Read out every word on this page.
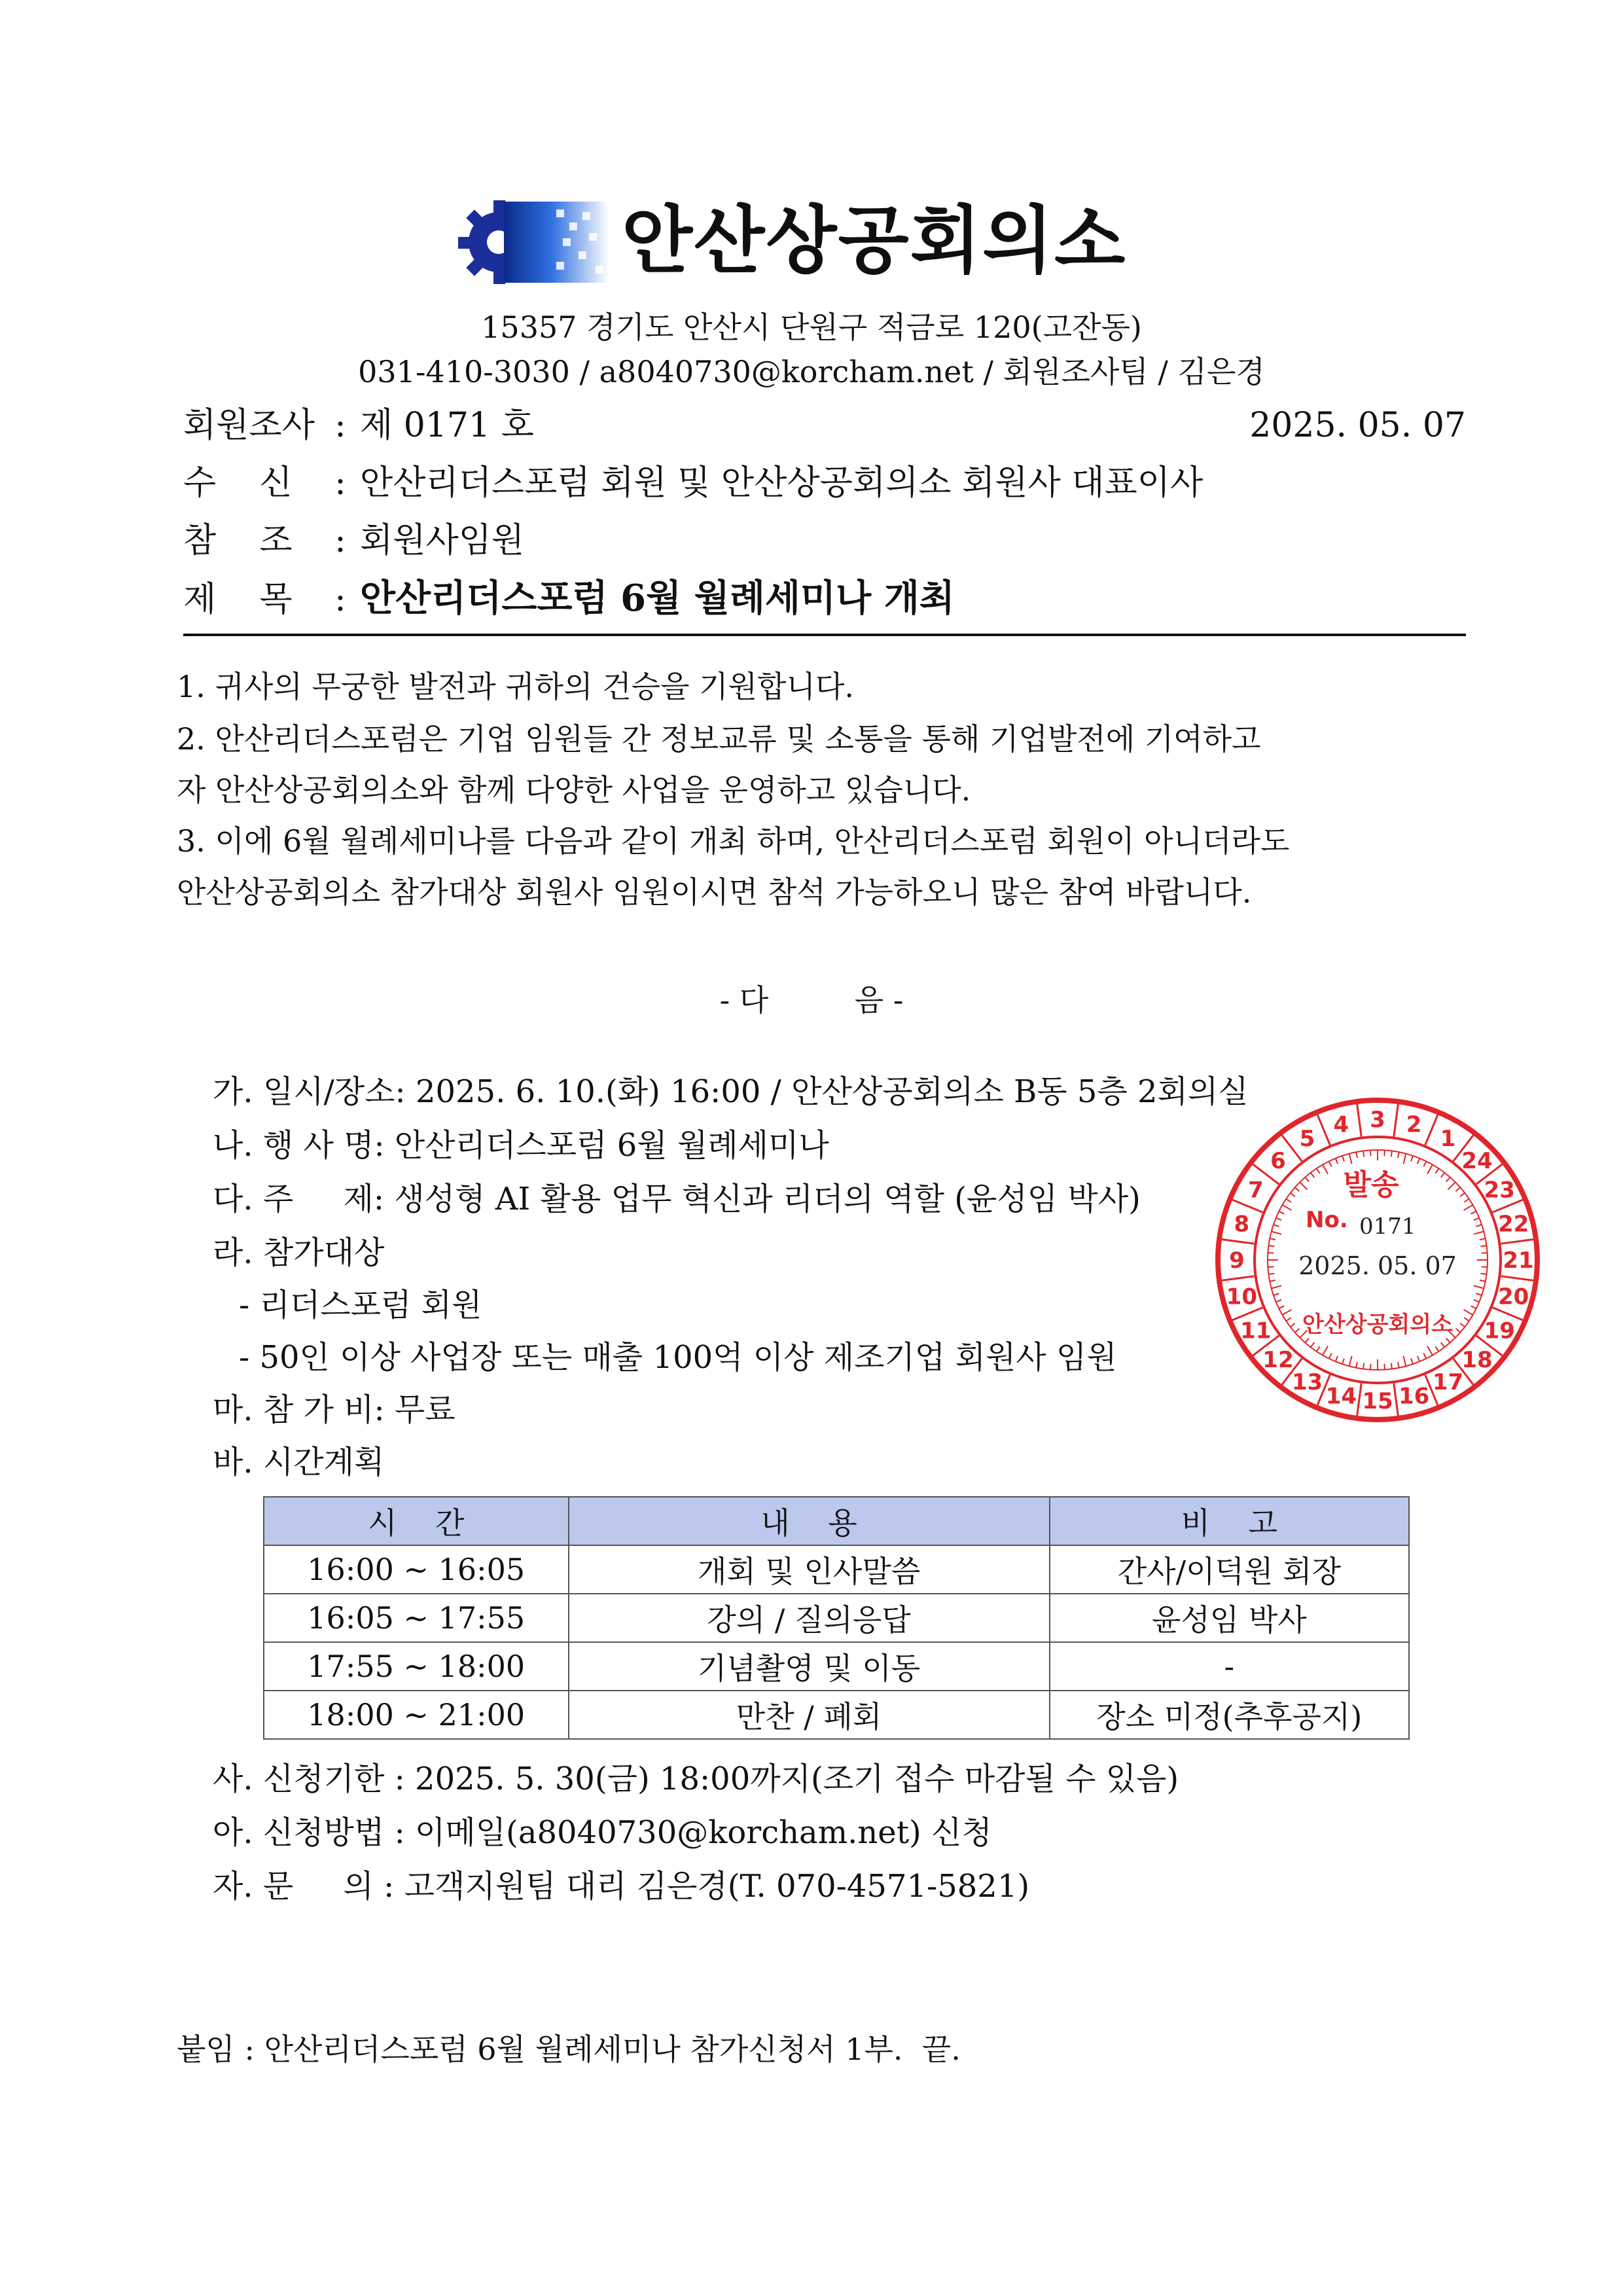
안산상공회의소
15357 경기도 안산시 단원구 적금로 120(고잔동)
031-410-3030 / a8040730@korcham.net / 회원조사팀 / 김은경
회원조사 : 제 0171 호	2025. 05. 07
수    신 : 안산리더스포럼 회원 및 안산상공회의소 회원사 대표이사
참    조 : 회원사임원
제    목 : 안산리더스포럼 6월 월례세미나 개최
1. 귀사의 무궁한 발전과 귀하의 건승을 기원합니다.
2. 안산리더스포럼은 기업 임원들 간 정보교류 및 소통을 통해 기업발전에 기여하고
자 안산상공회의소와 함께 다양한 사업을 운영하고 있습니다.
3. 이에 6월 월례세미나를 다음과 같이 개최 하며, 안산리더스포럼 회원이 아니더라도
안산상공회의소 참가대상 회원사 임원이시면 참석 가능하오니 많은 참여 바랍니다.
- 다         음 -
가. 일시/장소: 2025. 6. 10.(화) 16:00 / 안산상공회의소 B동 5층 2회의실
나. 행 사 명: 안산리더스포럼 6월 월례세미나
다. 주     제: 생성형 AI 활용 업무 혁신과 리더의 역할 (윤성임 박사)
라. 참가대상
- 리더스포럼 회원
- 50인 이상 사업장 또는 매출 100억 이상 제조기업 회원사 임원
마. 참 가 비: 무료
바. 시간계획
시    간	내    용	비    고
16:00 ~ 16:05	개회 및 인사말씀	간사/이덕원 회장
16:05 ~ 17:55	강의 / 질의응답	윤성임 박사
17:55 ~ 18:00	기념촬영 및 이동	-
18:00 ~ 21:00	만찬 / 폐회	장소 미정(추후공지)
사. 신청기한 : 2025. 5. 30(금) 18:00까지(조기 접수 마감될 수 있음)
아. 신청방법 : 이메일(a8040730@korcham.net) 신청
자. 문     의 : 고객지원팀 대리 김은경(T. 070-4571-5821)
붙임 : 안산리더스포럼 6월 월례세미나 참가신청서 1부.  끝.
13
14 15 16
17
18
19
20
21
22
23
24
1
2
3
4
5
6
7
8
9
10
11
12
발송
No. 0171
2025. 05. 07
안산상공회의소
